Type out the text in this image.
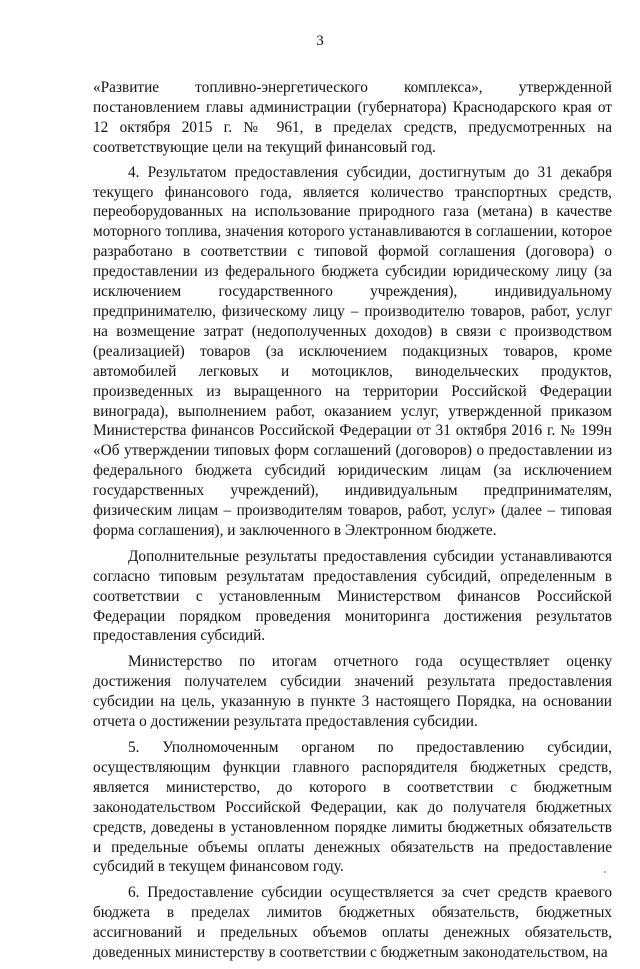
3

«Развитие топливно-энергетического комплекса», утвержденной постановлением главы администрации (губернатора) Краснодарского края от 12 октября 2015 г. № 961, в пределах средств, предусмотренных на соответствующие цели на текущий финансовый год.

4. Результатом предоставления субсидии, достигнутым до 31 декабря текущего финансового года, является количество транспортных средств, переоборудованных на использование природного газа (метана) в качестве моторного топлива, значения которого устанавливаются в соглашении, которое разработано в соответствии с типовой формой соглашения (договора) о предоставлении из федерального бюджета субсидии юридическому лицу (за исключением государственного учреждения), индивидуальному предпринимателю, физическому лицу – производителю товаров, работ, услуг на возмещение затрат (недополученных доходов) в связи с производством (реализацией) товаров (за исключением подакцизных товаров, кроме автомобилей легковых и мотоциклов, винодельческих продуктов, произведенных из выращенного на территории Российской Федерации винограда), выполнением работ, оказанием услуг, утвержденной приказом Министерства финансов Российской Федерации от 31 октября 2016 г. № 199н «Об утверждении типовых форм соглашений (договоров) о предоставлении из федерального бюджета субсидий юридическим лицам (за исключением государственных учреждений), индивидуальным предпринимателям, физическим лицам – производителям товаров, работ, услуг» (далее – типовая форма соглашения), и заключенного в Электронном бюджете.

Дополнительные результаты предоставления субсидии устанавливаются согласно типовым результатам предоставления субсидий, определенным в соответствии с установленным Министерством финансов Российской Федерации порядком проведения мониторинга достижения результатов предоставления субсидий.

Министерство по итогам отчетного года осуществляет оценку достижения получателем субсидии значений результата предоставления субсидии на цель, указанную в пункте 3 настоящего Порядка, на основании отчета о достижении результата предоставления субсидии.

5. Уполномоченным органом по предоставлению субсидии, осуществляющим функции главного распорядителя бюджетных средств, является министерство, до которого в соответствии с бюджетным законодательством Российской Федерации, как до получателя бюджетных средств, доведены в установленном порядке лимиты бюджетных обязательств и предельные объемы оплаты денежных обязательств на предоставление субсидий в текущем финансовом году.

6. Предоставление субсидии осуществляется за счет средств краевого бюджета в пределах лимитов бюджетных обязательств, бюджетных ассигнований и предельных объемов оплаты денежных обязательств, доведенных министерству в соответствии с бюджетным законодательством, на
